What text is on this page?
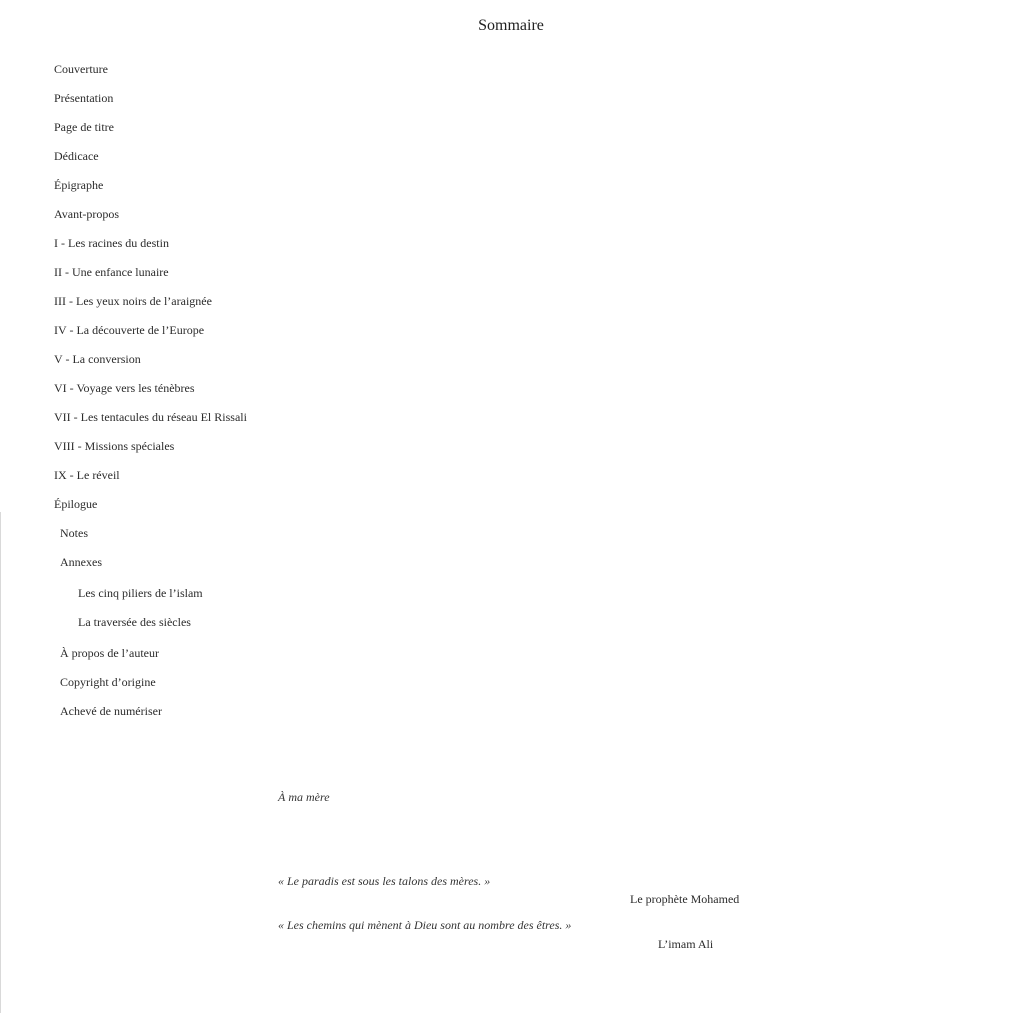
Sommaire
Couverture
Présentation
Page de titre
Dédicace
Épigraphe
Avant-propos
I - Les racines du destin
II - Une enfance lunaire
III - Les yeux noirs de l’araignée
IV - La découverte de l’Europe
V - La conversion
VI - Voyage vers les ténèbres
VII - Les tentacules du réseau El Rissali
VIII - Missions spéciales
IX - Le réveil
Épilogue
Notes
Annexes
Les cinq piliers de l’islam
La traversée des siècles
À propos de l’auteur
Copyright d’origine
Achevé de numériser
À ma mère
« Le paradis est sous les talons des mères. »
Le prophète Mohamed
« Les chemins qui mènent à Dieu sont au nombre des êtres. »
L’imam Ali
